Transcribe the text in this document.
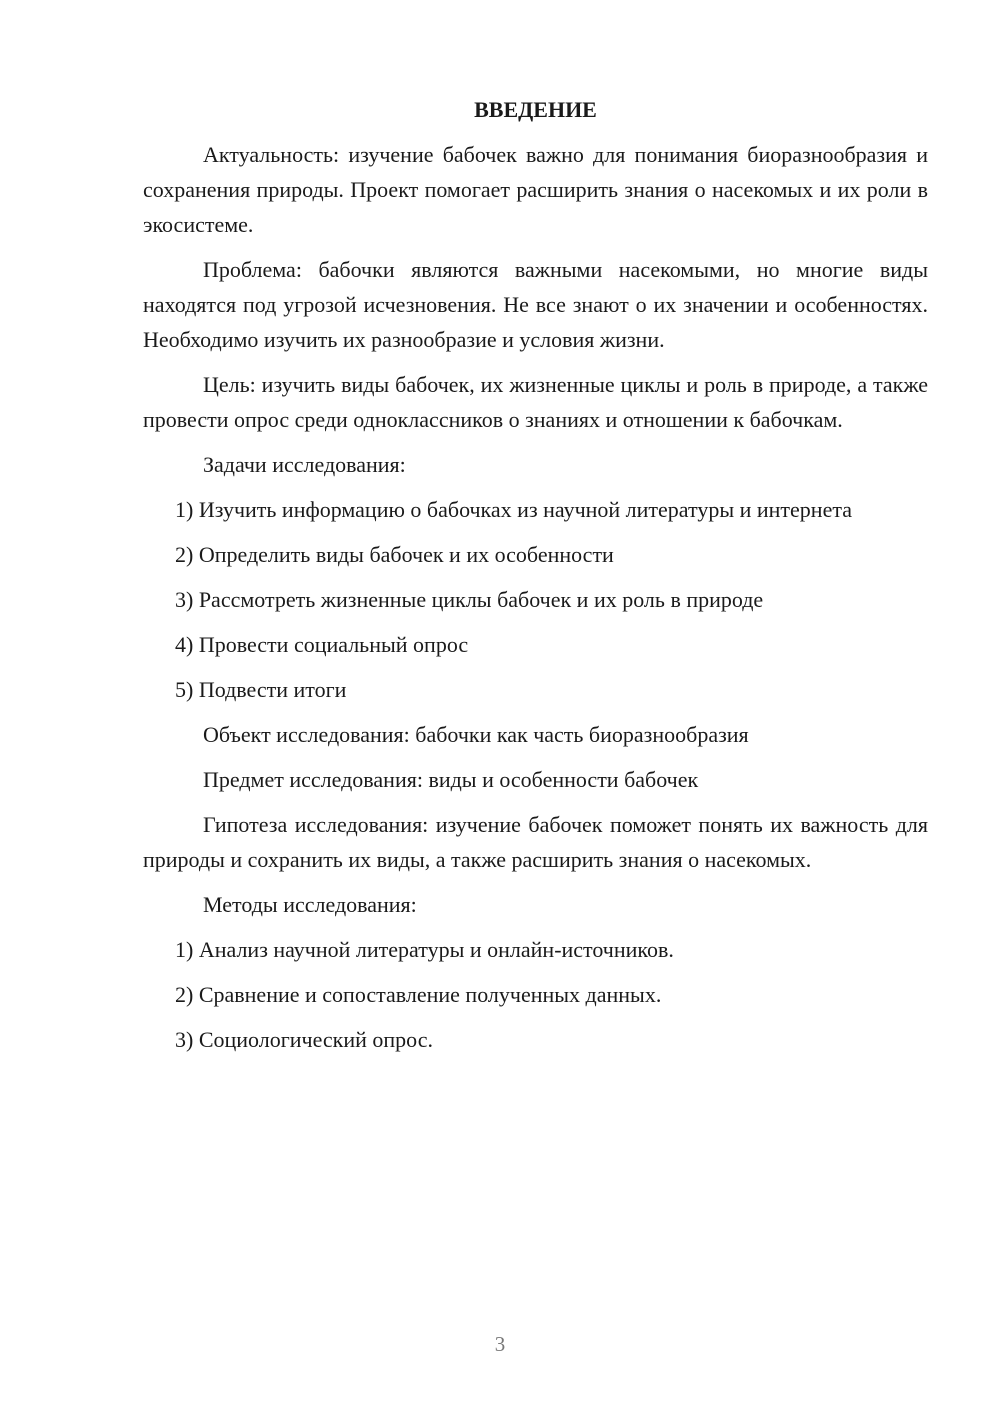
ВВЕДЕНИЕ

Актуальность: изучение бабочек важно для понимания биоразнообразия и сохранения природы. Проект помогает расширить знания о насекомых и их роли в экосистеме.

Проблема: бабочки являются важными насекомыми, но многие виды находятся под угрозой исчезновения. Не все знают о их значении и особенностях. Необходимо изучить их разнообразие и условия жизни.

Цель: изучить виды бабочек, их жизненные циклы и роль в природе, а также провести опрос среди одноклассников о знаниях и отношении к бабочкам.

Задачи исследования:

1) Изучить информацию о бабочках из научной литературы и интернета

2) Определить виды бабочек и их особенности

3) Рассмотреть жизненные циклы бабочек и их роль в природе

4) Провести социальный опрос

5) Подвести итоги

Объект исследования: бабочки как часть биоразнообразия

Предмет исследования: виды и особенности бабочек

Гипотеза исследования: изучение бабочек поможет понять их важность для природы и сохранить их виды, а также расширить знания о насекомых.

Методы исследования:

1) Анализ научной литературы и онлайн-источников.

2) Сравнение и сопоставление полученных данных.

3) Социологический опрос.

3
